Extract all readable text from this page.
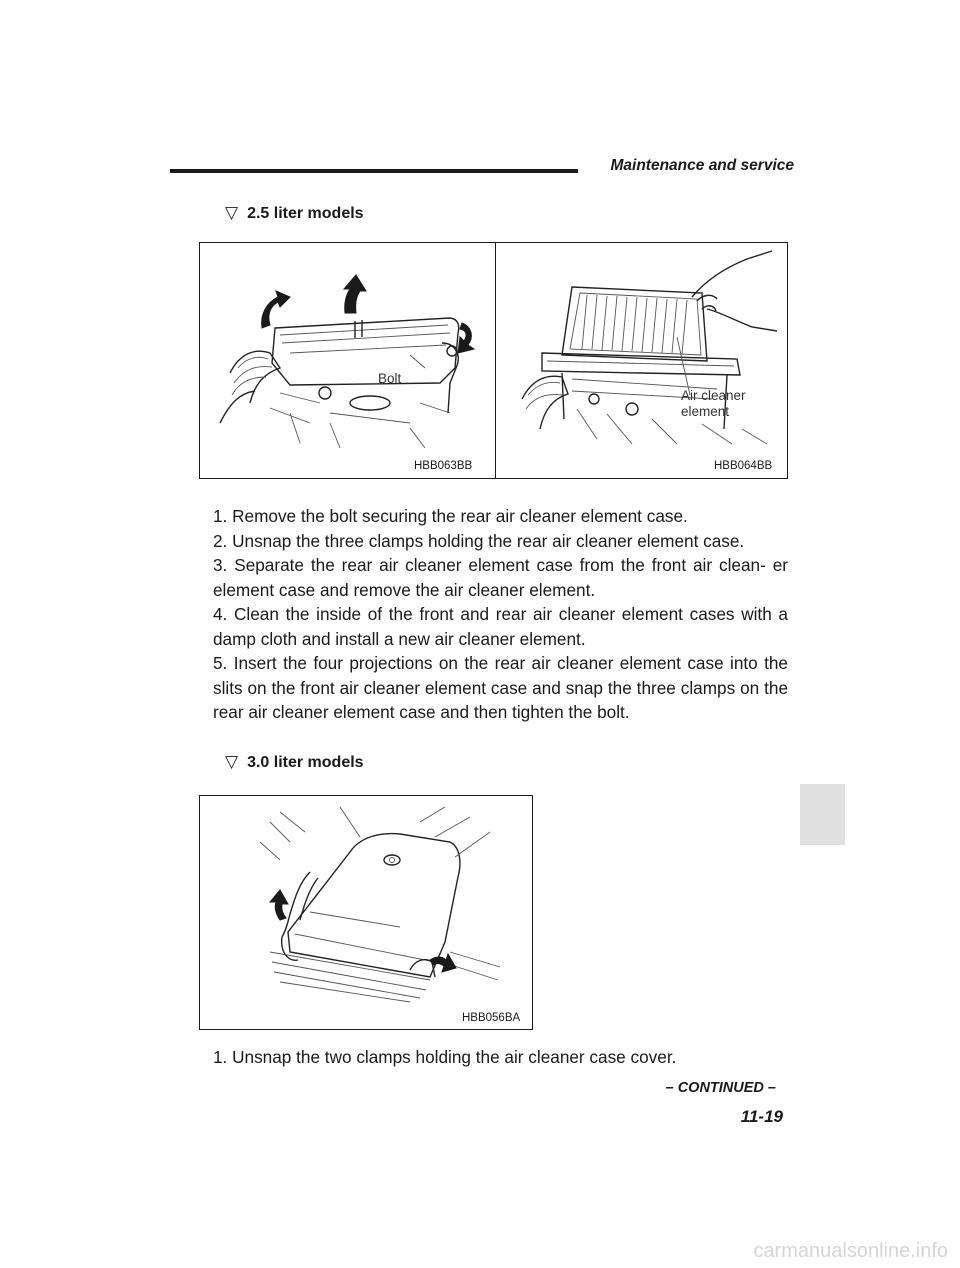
Maintenance and service
▽ 2.5 liter models
Bolt
HBB063BB
Air cleaner
element
HBB064BB

1. Remove the bolt securing the rear air cleaner element case.

2. Unsnap the three clamps holding the rear air cleaner element case.

3. Separate the rear air cleaner element case from the front air clean- er element case and remove the air cleaner element.

4. Clean the inside of the front and rear air cleaner element cases with a damp cloth and install a new air cleaner element.

5. Insert the four projections on the rear air cleaner element case into the slits on the front air cleaner element case and snap the three clamps on the rear air cleaner element case and then tighten the bolt.

▽ 3.0 liter models
HBB056BA

1. Unsnap the two clamps holding the air cleaner case cover.

– CONTINUED –
11-19
carmanualsonline.info
